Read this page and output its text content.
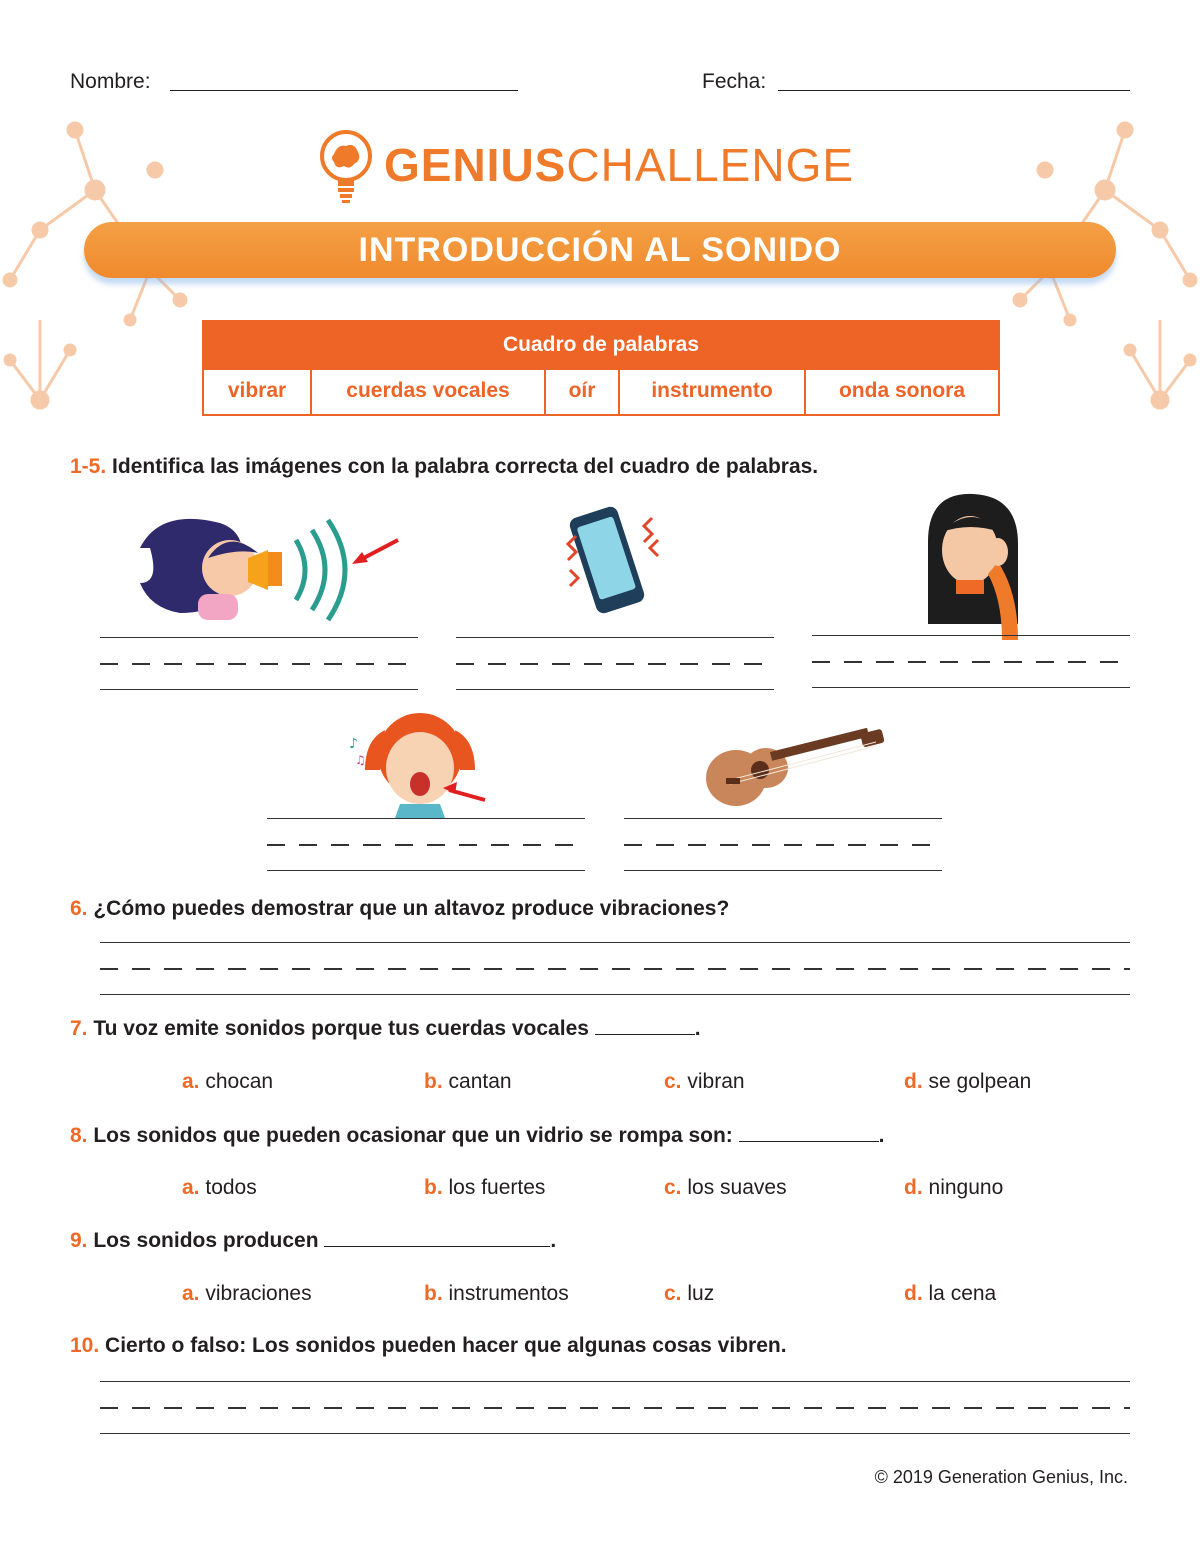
Nombre:	Fecha:
GENIUSCHALLENGE
INTRODUCCIÓN AL SONIDO
Cuadro de palabras
vibrar	cuerdas vocales	oír	instrumento	onda sonora
1-5. Identifica las imágenes con la palabra correcta del cuadro de palabras.
♪
♫
6. ¿Cómo puedes demostrar que un altavoz produce vibraciones?
7. Tu voz emite sonidos porque tus cuerdas vocales	.
a. chocan	b. cantan	c. vibran	d. se golpean
8. Los sonidos que pueden ocasionar que un vidrio se rompa son:	.
a. todos	b. los fuertes	c. los suaves	d. ninguno
9. Los sonidos producen	.
a. vibraciones	b. instrumentos	c. luz	d. la cena
10. Cierto o falso: Los sonidos pueden hacer que algunas cosas vibren.
© 2019 Generation Genius, Inc.
